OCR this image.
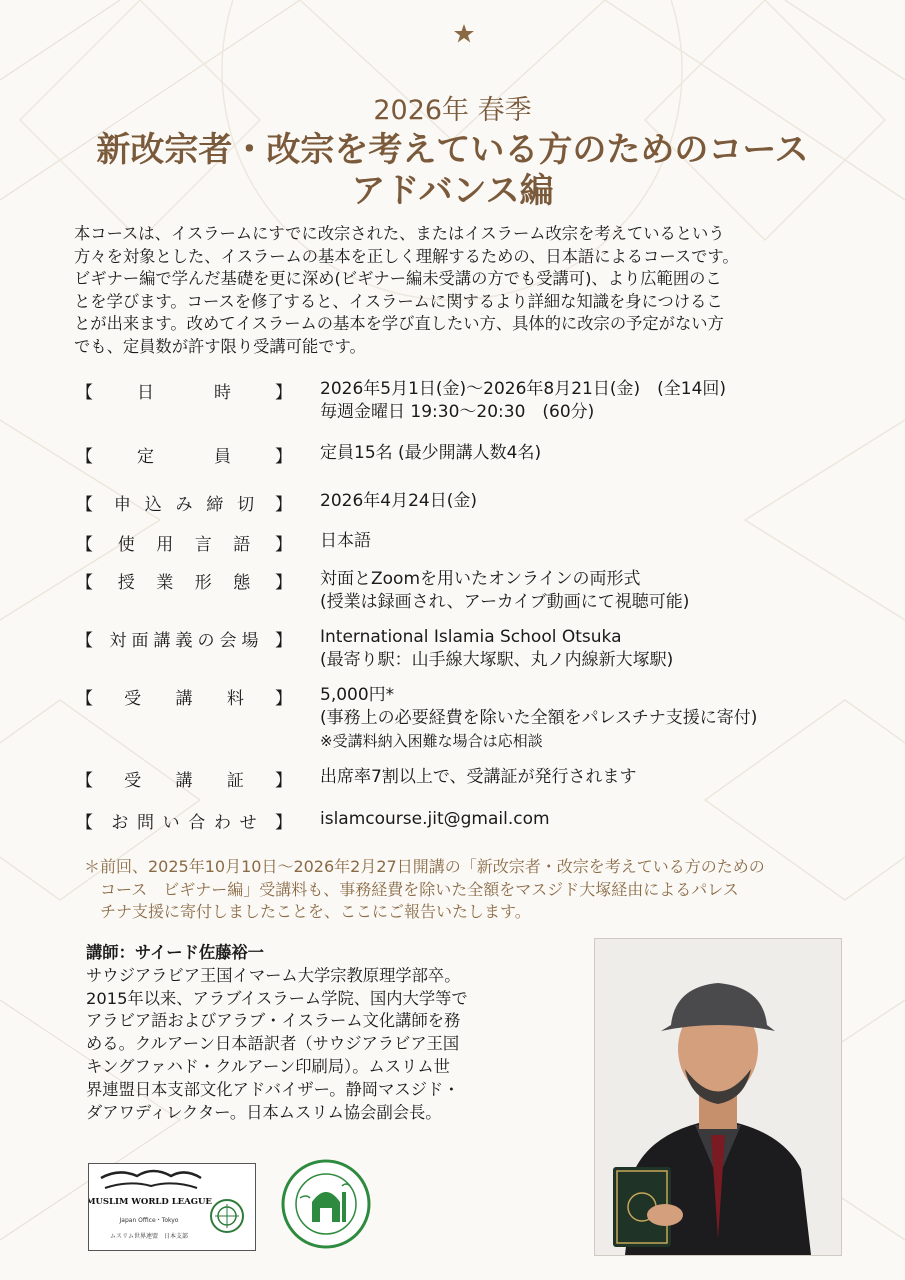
2026年 春季
新改宗者・改宗を考えている方のためのコース
アドバンス編

本コースは、イスラームにすでに改宗された、またはイスラーム改宗を考えているという

方々を対象とした、イスラームの基本を正しく理解するための、日本語によるコースです。

ビギナー編で学んだ基礎を更に深め(ビギナー編未受講の方でも受講可)、より広範囲のこ

とを学びます。コースを修了すると、イスラームに関するより詳細な知識を身につけるこ

とが出来ます。改めてイスラームの基本を学び直したい方、具体的に改宗の予定がない方

でも、定員数が許す限り受講可能です。

【	日	時	】 2026年5月1日(金)〜2026年8月21日(金)　(全14回)
毎週金曜日 19:30〜20:30　(60分)
【	定	員	】 定員15名 (最少開講人数4名)
【 申 込 み 締 切 】 2026年4月24日(金)
【 使 用 言 語 】 日本語
【 授 業 形 態 】 対面とZoomを用いたオンラインの両形式
(授業は録画され、アーカイブ動画にて視聴可能)
【 対 面 講 義 の 会 場 】 International Islamia School Otsuka
(最寄り駅：山手線大塚駅、丸ノ内線新大塚駅)
【 受 講 料 】 5,000円*
(事務上の必要経費を除いた全額をパレスチナ支援に寄付)
※受講料納入困難な場合は応相談
【 受 講 証 】 出席率7割以上で、受講証が発行されます
【 お 問 い 合 わ せ 】 islamcourse.jit@gmail.com

＊前回、2025年10月10日〜2026年2月27日開講の「新改宗者・改宗を考えている方のための

　コース　ビギナー編」受講料も、事務経費を除いた全額をマスジド大塚経由によるパレス

　チナ支援に寄付しましたことを、ここにご報告いたします。

講師：サイード佐藤裕一

サウジアラビア王国イマーム大学宗教原理学部卒。

2015年以来、アラブイスラーム学院、国内大学等で

アラビア語およびアラブ・イスラーム文化講師を務

める。クルアーン日本語訳者（サウジアラビア王国

キングファハド・クルアーン印刷局）。ムスリム世

界連盟日本支部文化アドバイザー。静岡マスジド・

ダアワディレクター。日本ムスリム協会副会長。

MUSLIM WORLD LEAGUE
Japan Office・Tokyo
ムスリム世界連盟　日本支部
